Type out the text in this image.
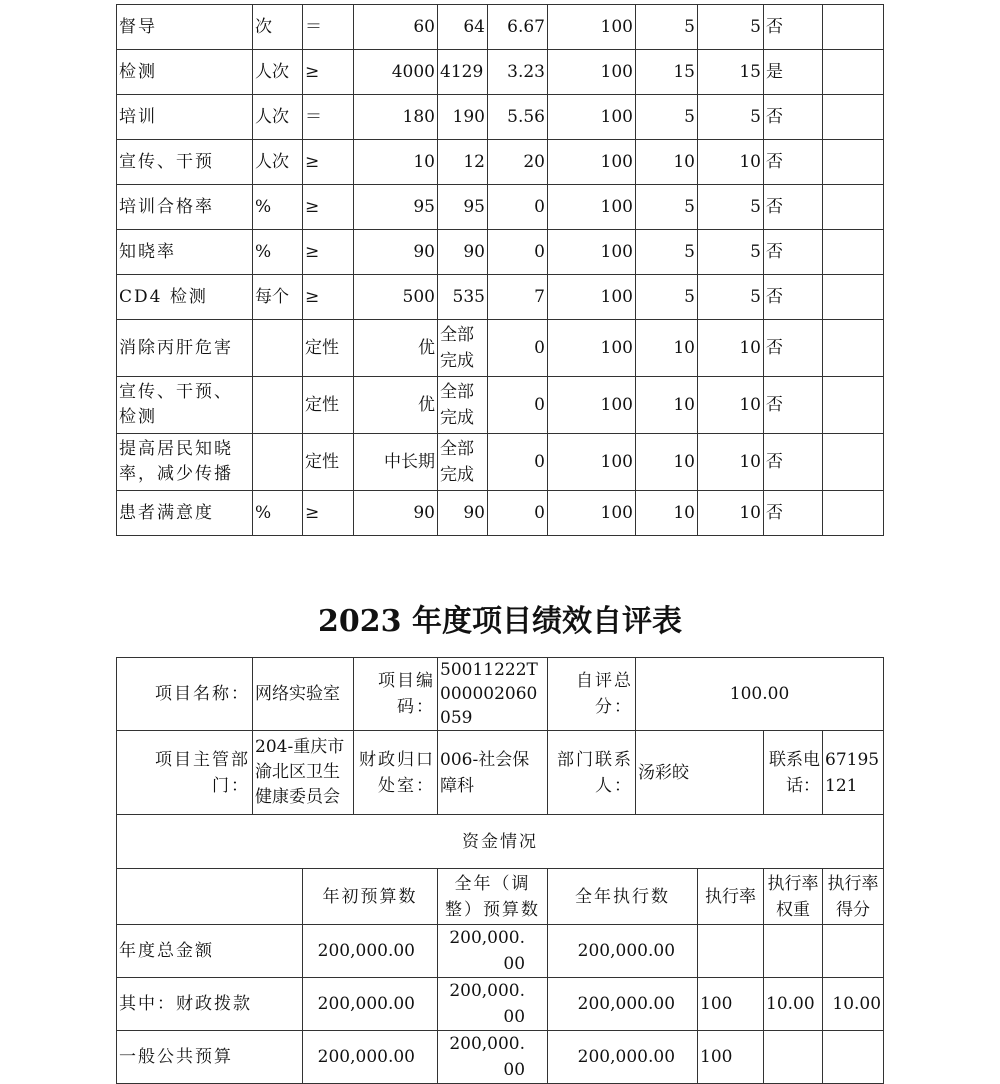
督导	次	＝	60	64	6.67	100	5	5	否	
检测	人次	≥	4000	4129	3.23	100	15	15	是	
培训	人次	＝	180	190	5.56	100	5	5	否	
宣传、干预	人次	≥	10	12	20	100	10	10	否	
培训合格率	%	≥	95	95	0	100	5	5	否	
知晓率	%	≥	90	90	0	100	5	5	否	
CD4 检测	每个	≥	500	535	7	100	5	5	否	
消除丙肝危害		定性	优	全部完成	0	100	10	10	否	
宣传、干预、检测		定性	优	全部完成	0	100	10	10	否	
提高居民知晓率，减少传播		定性	中长期	全部完成	0	100	10	10	否	
患者满意度	%	≥	90	90	0	100	10	10	否	
2023 年度项目绩效自评表
项目名称：	网络实验室		项目编码：	50011222T000002060059	自评总分：	100.00			
项目主管部门：	204-重庆市渝北区卫生健康委员会		财政归口处室：	006-社会保障科	部门联系人：	汤彩皎		联系电话：	67195121
资金情况									
		年初预算数		全年（调整）预算数	全年执行数		执行率	执行率权重	执行率得分
年度总金额		200,000.00		200,000.00	200,000.00				
其中：财政拨款		200,000.00		200,000.00	200,000.00		100	10.00	10.00
一般公共预算		200,000.00		200,000.00	200,000.00		100		
